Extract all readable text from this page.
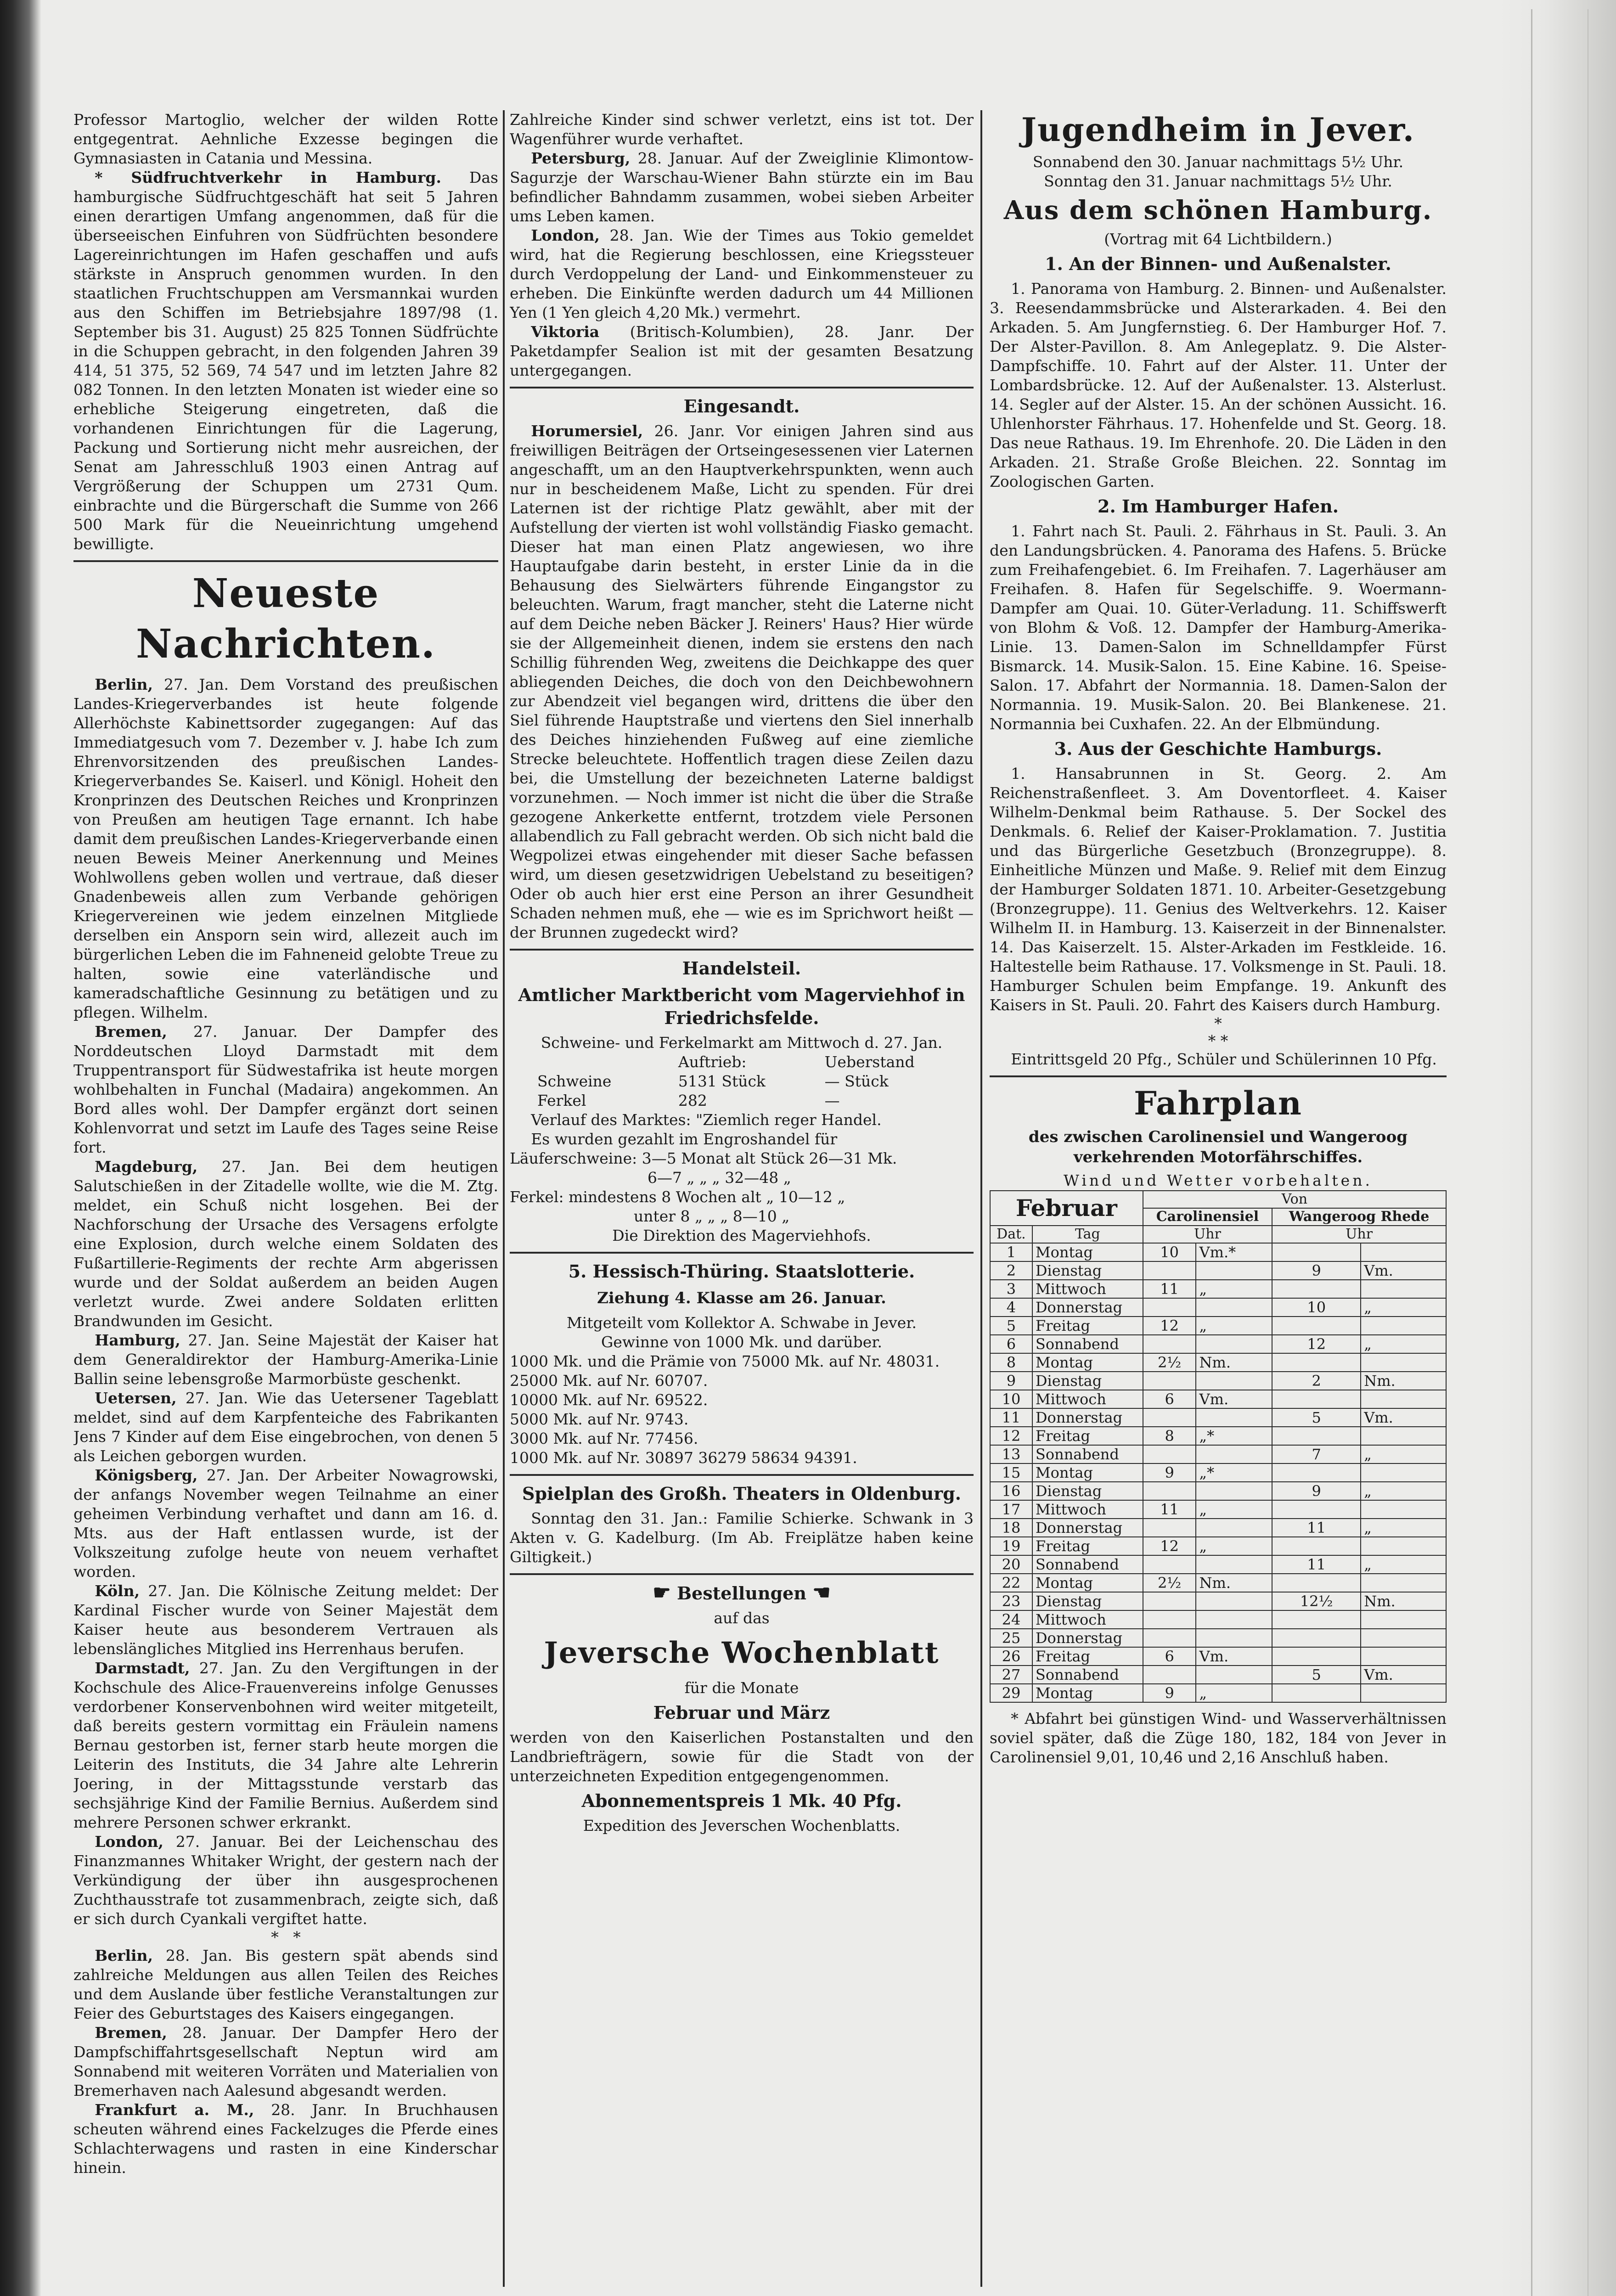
Professor Martoglio, welcher der wilden Rotte entgegentrat. Aehnliche Exzesse begingen die Gymnasiasten in Catania und Messina.

* Südfruchtverkehr in Hamburg. Das hamburgische Südfruchtgeschäft hat seit 5 Jahren einen derartigen Umfang angenommen, daß für die überseeischen Einfuhren von Südfrüchten besondere Lagereinrichtungen im Hafen geschaffen und aufs stärkste in Anspruch genommen wurden. In den staatlichen Fruchtschuppen am Versmannkai wurden aus den Schiffen im Betriebsjahre 1897/98 (1. September bis 31. August) 25 825 Tonnen Südfrüchte in die Schuppen gebracht, in den folgenden Jahren 39 414, 51 375, 52 569, 74 547 und im letzten Jahre 82 082 Tonnen. In den letzten Monaten ist wieder eine so erhebliche Steigerung eingetreten, daß die vorhandenen Einrichtungen für die Lagerung, Packung und Sortierung nicht mehr ausreichen, der Senat am Jahresschluß 1903 einen Antrag auf Vergrößerung der Schuppen um 2731 Qum. einbrachte und die Bürgerschaft die Summe von 266 500 Mark für die Neueinrichtung umgehend bewilligte.

Neueste Nachrichten.

Berlin, 27. Jan. Dem Vorstand des preußischen Landes-Kriegerverbandes ist heute folgende Allerhöchste Kabinettsorder zugegangen: Auf das Immediatgesuch vom 7. Dezember v. J. habe Ich zum Ehrenvorsitzenden des preußischen Landes-Kriegerverbandes Se. Kaiserl. und Königl. Hoheit den Kronprinzen des Deutschen Reiches und Kronprinzen von Preußen am heutigen Tage ernannt. Ich habe damit dem preußischen Landes-Kriegerverbande einen neuen Beweis Meiner Anerkennung und Meines Wohlwollens geben wollen und vertraue, daß dieser Gnadenbeweis allen zum Verbande gehörigen Kriegervereinen wie jedem einzelnen Mitgliede derselben ein Ansporn sein wird, allezeit auch im bürgerlichen Leben die im Fahneneid gelobte Treue zu halten, sowie eine vaterländische und kameradschaftliche Gesinnung zu betätigen und zu pflegen. Wilhelm.

Bremen, 27. Januar. Der Dampfer des Norddeutschen Lloyd Darmstadt mit dem Truppentransport für Südwestafrika ist heute morgen wohlbehalten in Funchal (Madaira) angekommen. An Bord alles wohl. Der Dampfer ergänzt dort seinen Kohlenvorrat und setzt im Laufe des Tages seine Reise fort.

Magdeburg, 27. Jan. Bei dem heutigen Salutschießen in der Zitadelle wollte, wie die M. Ztg. meldet, ein Schuß nicht losgehen. Bei der Nachforschung der Ursache des Versagens erfolgte eine Explosion, durch welche einem Soldaten des Fußartillerie-Regiments der rechte Arm abgerissen wurde und der Soldat außerdem an beiden Augen verletzt wurde. Zwei andere Soldaten erlitten Brandwunden im Gesicht.

Hamburg, 27. Jan. Seine Majestät der Kaiser hat dem Generaldirektor der Hamburg-Amerika-Linie Ballin seine lebensgroße Marmorbüste geschenkt.

Uetersen, 27. Jan. Wie das Uetersener Tageblatt meldet, sind auf dem Karpfenteiche des Fabrikanten Jens 7 Kinder auf dem Eise eingebrochen, von denen 5 als Leichen geborgen wurden.

Königsberg, 27. Jan. Der Arbeiter Nowagrowski, der anfangs November wegen Teilnahme an einer geheimen Verbindung verhaftet und dann am 16. d. Mts. aus der Haft entlassen wurde, ist der Volkszeitung zufolge heute von neuem verhaftet worden.

Köln, 27. Jan. Die Kölnische Zeitung meldet: Der Kardinal Fischer wurde von Seiner Majestät dem Kaiser heute aus besonderem Vertrauen als lebenslängliches Mitglied ins Herrenhaus berufen.

Darmstadt, 27. Jan. Zu den Vergiftungen in der Kochschule des Alice-Frauenvereins infolge Genusses verdorbener Konservenbohnen wird weiter mitgeteilt, daß bereits gestern vormittag ein Fräulein namens Bernau gestorben ist, ferner starb heute morgen die Leiterin des Instituts, die 34 Jahre alte Lehrerin Joering, in der Mittagsstunde verstarb das sechsjährige Kind der Familie Bernius. Außerdem sind mehrere Personen schwer erkrankt.

London, 27. Januar. Bei der Leichenschau des Finanzmannes Whitaker Wright, der gestern nach der Verkündigung der über ihn ausgesprochenen Zuchthausstrafe tot zusammenbrach, zeigte sich, daß er sich durch Cyankali vergiftet hatte.

*   *

Berlin, 28. Jan. Bis gestern spät abends sind zahlreiche Meldungen aus allen Teilen des Reiches und dem Auslande über festliche Veranstaltungen zur Feier des Geburtstages des Kaisers eingegangen.

Bremen, 28. Januar. Der Dampfer Hero der Dampfschiffahrtsgesellschaft Neptun wird am Sonnabend mit weiteren Vorräten und Materialien von Bremerhaven nach Aalesund abgesandt werden.

Frankfurt a. M., 28. Janr. In Bruchhausen scheuten während eines Fackelzuges die Pferde eines Schlachterwagens und rasten in eine Kinderschar hinein.

Zahlreiche Kinder sind schwer verletzt, eins ist tot. Der Wagenführer wurde verhaftet.

Petersburg, 28. Januar. Auf der Zweiglinie Klimontow-Sagurzje der Warschau-Wiener Bahn stürzte ein im Bau befindlicher Bahndamm zusammen, wobei sieben Arbeiter ums Leben kamen.

London, 28. Jan. Wie der Times aus Tokio gemeldet wird, hat die Regierung beschlossen, eine Kriegssteuer durch Verdoppelung der Land- und Einkommensteuer zu erheben. Die Einkünfte werden dadurch um 44 Millionen Yen (1 Yen gleich 4,20 Mk.) vermehrt.

Viktoria (Britisch-Kolumbien), 28. Janr. Der Paketdampfer Sealion ist mit der gesamten Besatzung untergegangen.

Eingesandt.

Horumersiel, 26. Janr. Vor einigen Jahren sind aus freiwilligen Beiträgen der Ortseingesessenen vier Laternen angeschafft, um an den Hauptverkehrspunkten, wenn auch nur in bescheidenem Maße, Licht zu spenden. Für drei Laternen ist der richtige Platz gewählt, aber mit der Aufstellung der vierten ist wohl vollständig Fiasko gemacht. Dieser hat man einen Platz angewiesen, wo ihre Hauptaufgabe darin besteht, in erster Linie da in die Behausung des Sielwärters führende Eingangstor zu beleuchten. Warum, fragt mancher, steht die Laterne nicht auf dem Deiche neben Bäcker J. Reiners' Haus? Hier würde sie der Allgemeinheit dienen, indem sie erstens den nach Schillig führenden Weg, zweitens die Deichkappe des quer abliegenden Deiches, die doch von den Deichbewohnern zur Abendzeit viel begangen wird, drittens die über den Siel führende Hauptstraße und viertens den Siel innerhalb des Deiches hinziehenden Fußweg auf eine ziemliche Strecke beleuchtete. Hoffentlich tragen diese Zeilen dazu bei, die Umstellung der bezeichneten Laterne baldigst vorzunehmen. — Noch immer ist nicht die über die Straße gezogene Ankerkette entfernt, trotzdem viele Personen allabendlich zu Fall gebracht werden. Ob sich nicht bald die Wegpolizei etwas eingehender mit dieser Sache befassen wird, um diesen gesetzwidrigen Uebelstand zu beseitigen? Oder ob auch hier erst eine Person an ihrer Gesundheit Schaden nehmen muß, ehe — wie es im Sprichwort heißt — der Brunnen zugedeckt wird?

Handelsteil.
Amtlicher Marktbericht vom Magerviehhof in Friedrichsfelde.

Schweine- und Ferkelmarkt am Mittwoch d. 27. Jan.

	Auftrieb:	Ueberstand
Schweine	5131 Stück	— Stück
Ferkel	282	—

Verlauf des Marktes: "Ziemlich reger Handel.

Es wurden gezahlt im Engroshandel für

Läuferschweine: 3—5 Monat alt Stück 26—31 Mk.

6—7 „ „ „ 32—48 „

Ferkel: mindestens 8 Wochen alt „ 10—12 „

unter 8 „ „ „ 8—10 „

Die Direktion des Magerviehhofs.

5. Hessisch-Thüring. Staatslotterie.
Ziehung 4. Klasse am 26. Januar.

Mitgeteilt vom Kollektor A. Schwabe in Jever.

Gewinne von 1000 Mk. und darüber.

1000 Mk. und die Prämie von 75000 Mk. auf Nr. 48031.

25000 Mk. auf Nr. 60707.

10000 Mk. auf Nr. 69522.

5000 Mk. auf Nr. 9743.

3000 Mk. auf Nr. 77456.

1000 Mk. auf Nr. 30897 36279 58634 94391.

Spielplan des Großh. Theaters in Oldenburg.

Sonntag den 31. Jan.: Familie Schierke. Schwank in 3 Akten v. G. Kadelburg. (Im Ab. Freiplätze haben keine Giltigkeit.)

☛ Bestellungen ☚

auf das

Jeversche Wochenblatt

für die Monate

Februar und März

werden von den Kaiserlichen Postanstalten und den Landbriefträgern, sowie für die Stadt von der unterzeichneten Expedition entgegengenommen.

Abonnementspreis 1 Mk. 40 Pfg.

Expedition des Jeverschen Wochenblatts.

Jugendheim in Jever.

Sonnabend den 30. Januar nachmittags 5½ Uhr.

Sonntag den 31. Januar nachmittags 5½ Uhr.

Aus dem schönen Hamburg.

(Vortrag mit 64 Lichtbildern.)

1. An der Binnen- und Außenalster.

1. Panorama von Hamburg. 2. Binnen- und Außenalster. 3. Reesendammsbrücke und Alsterarkaden. 4. Bei den Arkaden. 5. Am Jungfernstieg. 6. Der Hamburger Hof. 7. Der Alster-Pavillon. 8. Am Anlegeplatz. 9. Die Alster-Dampfschiffe. 10. Fahrt auf der Alster. 11. Unter der Lombardsbrücke. 12. Auf der Außenalster. 13. Alsterlust. 14. Segler auf der Alster. 15. An der schönen Aussicht. 16. Uhlenhorster Fährhaus. 17. Hohenfelde und St. Georg. 18. Das neue Rathaus. 19. Im Ehrenhofe. 20. Die Läden in den Arkaden. 21. Straße Große Bleichen. 22. Sonntag im Zoologischen Garten.

2. Im Hamburger Hafen.

1. Fahrt nach St. Pauli. 2. Fährhaus in St. Pauli. 3. An den Landungsbrücken. 4. Panorama des Hafens. 5. Brücke zum Freihafengebiet. 6. Im Freihafen. 7. Lagerhäuser am Freihafen. 8. Hafen für Segelschiffe. 9. Woermann-Dampfer am Quai. 10. Güter-Verladung. 11. Schiffswerft von Blohm & Voß. 12. Dampfer der Hamburg-Amerika-Linie. 13. Damen-Salon im Schnelldampfer Fürst Bismarck. 14. Musik-Salon. 15. Eine Kabine. 16. Speise-Salon. 17. Abfahrt der Normannia. 18. Damen-Salon der Normannia. 19. Musik-Salon. 20. Bei Blankenese. 21. Normannia bei Cuxhafen. 22. An der Elbmündung.

3. Aus der Geschichte Hamburgs.

1. Hansabrunnen in St. Georg. 2. Am Reichenstraßenfleet. 3. Am Doventorfleet. 4. Kaiser Wilhelm-Denkmal beim Rathause. 5. Der Sockel des Denkmals. 6. Relief der Kaiser-Proklamation. 7. Justitia und das Bürgerliche Gesetzbuch (Bronzegruppe). 8. Einheitliche Münzen und Maße. 9. Relief mit dem Einzug der Hamburger Soldaten 1871. 10. Arbeiter-Gesetzgebung (Bronzegruppe). 11. Genius des Weltverkehrs. 12. Kaiser Wilhelm II. in Hamburg. 13. Kaiserzeit in der Binnenalster. 14. Das Kaiserzelt. 15. Alster-Arkaden im Festkleide. 16. Haltestelle beim Rathause. 17. Volksmenge in St. Pauli. 18. Hamburger Schulen beim Empfange. 19. Ankunft des Kaisers in St. Pauli. 20. Fahrt des Kaisers durch Hamburg.

*
* *

Eintrittsgeld 20 Pfg., Schüler und Schülerinnen 10 Pfg.

Fahrplan
des zwischen Carolinensiel und Wangeroog verkehrenden Motorfährschiffes.

Wind und Wetter vorbehalten.

Februar		Von			
		Carolinensiel		Wangeroog Rhede	
Dat.	Tag	Uhr		Uhr	
1	Montag	10	Vm.*		
2	Dienstag			9	Vm.
3	Mittwoch	11	„		
4	Donnerstag			10	„
5	Freitag	12	„		
6	Sonnabend			12	„
8	Montag	2½	Nm.		
9	Dienstag			2	Nm.
10	Mittwoch	6	Vm.		
11	Donnerstag			5	Vm.
12	Freitag	8	„*		
13	Sonnabend			7	„
15	Montag	9	„*		
16	Dienstag			9	„
17	Mittwoch	11	„		
18	Donnerstag			11	„
19	Freitag	12	„		
20	Sonnabend			11	„
22	Montag	2½	Nm.		
23	Dienstag			12½	Nm.
24	Mittwoch				
25	Donnerstag				
26	Freitag	6	Vm.		
27	Sonnabend			5	Vm.
29	Montag	9	„		

* Abfahrt bei günstigen Wind- und Wasserverhältnissen soviel später, daß die Züge 180, 182, 184 von Jever in Carolinensiel 9,01, 10,46 und 2,16 Anschluß haben.
